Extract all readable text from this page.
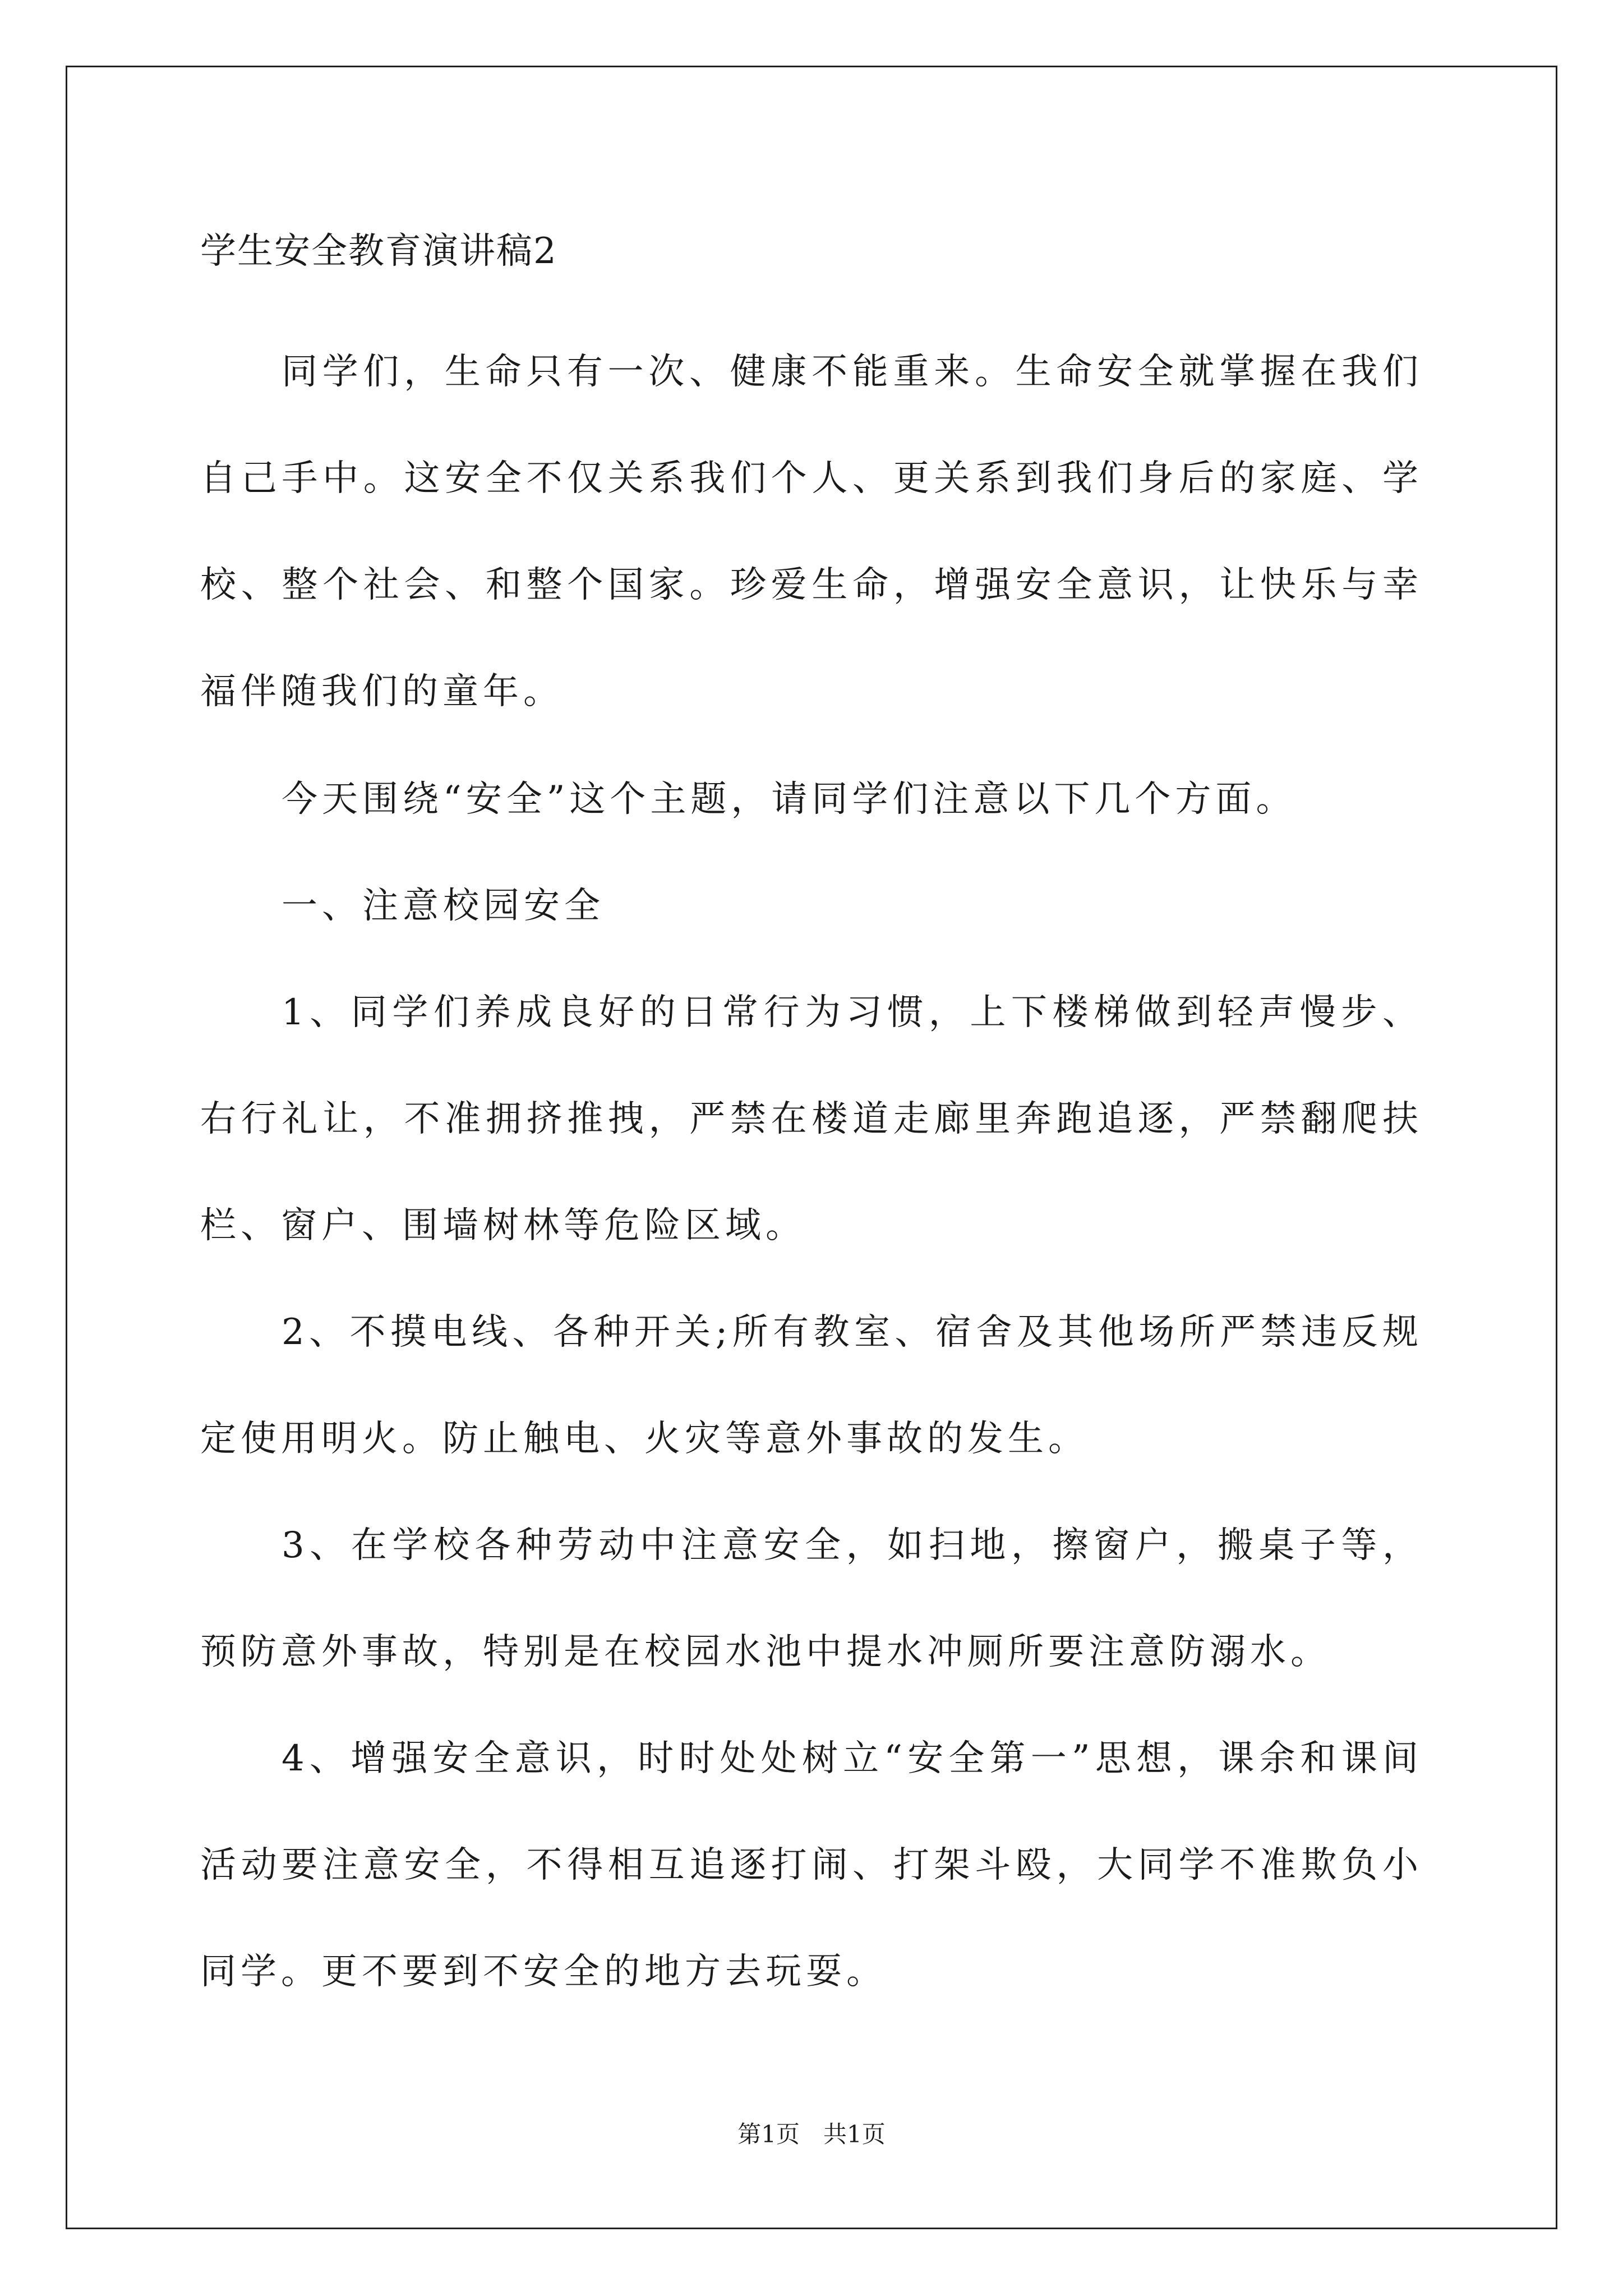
学生安全教育演讲稿2
同学们，生命只有一次、健康不能重来。生命安全就掌握在我们自己手中。这安全不仅关系我们个人、更关系到我们身后的家庭、学校、整个社会、和整个国家。珍爱生命，增强安全意识，让快乐与幸福伴随我们的童年。
今天围绕“安全”这个主题，请同学们注意以下几个方面。
一、注意校园安全
1、同学们养成良好的日常行为习惯，上下楼梯做到轻声慢步、右行礼让，不准拥挤推拽，严禁在楼道走廊里奔跑追逐，严禁翻爬扶栏、窗户、围墙树林等危险区域。
2、不摸电线、各种开关;所有教室、宿舍及其他场所严禁违反规定使用明火。防止触电、火灾等意外事故的发生。
3、在学校各种劳动中注意安全，如扫地，擦窗户，搬桌子等，预防意外事故，特别是在校园水池中提水冲厕所要注意防溺水。
4、增强安全意识，时时处处树立“安全第一”思想，课余和课间活动要注意安全，不得相互追逐打闹、打架斗殴，大同学不准欺负小同学。更不要到不安全的地方去玩耍。
第1页　共1页
